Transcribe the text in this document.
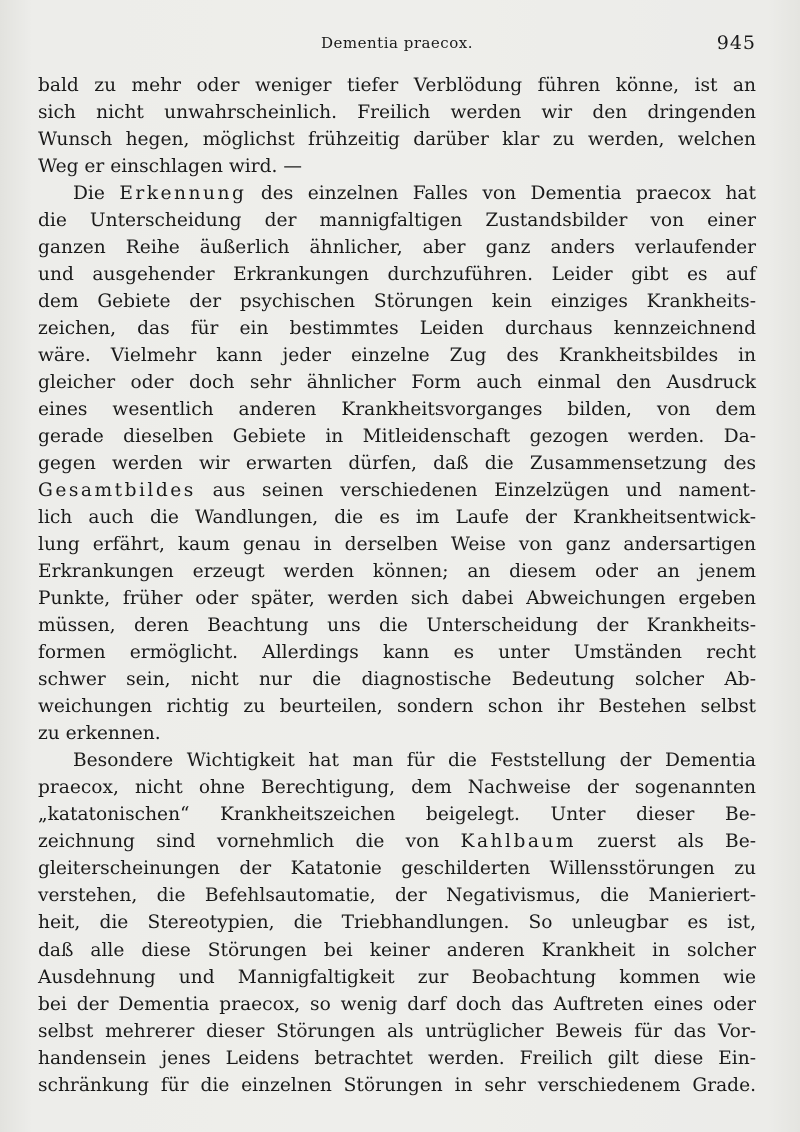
Dementia praecox.	945
bald zu mehr oder weniger tiefer Verblödung führen könne, ist an
sich nicht unwahrscheinlich. Freilich werden wir den dringenden
Wunsch hegen, möglichst frühzeitig darüber klar zu werden, welchen
Weg er einschlagen wird. —
Die Erkennung des einzelnen Falles von Dementia praecox hat
die Unterscheidung der mannigfaltigen Zustandsbilder von einer
ganzen Reihe äußerlich ähnlicher, aber ganz anders verlaufender
und ausgehender Erkrankungen durchzuführen. Leider gibt es auf
dem Gebiete der psychischen Störungen kein einziges Krankheits-
zeichen, das für ein bestimmtes Leiden durchaus kennzeichnend
wäre. Vielmehr kann jeder einzelne Zug des Krankheitsbildes in
gleicher oder doch sehr ähnlicher Form auch einmal den Ausdruck
eines wesentlich anderen Krankheitsvorganges bilden, von dem
gerade dieselben Gebiete in Mitleidenschaft gezogen werden. Da-
gegen werden wir erwarten dürfen, daß die Zusammensetzung des
Gesamtbildes aus seinen verschiedenen Einzelzügen und nament-
lich auch die Wandlungen, die es im Laufe der Krankheitsentwick-
lung erfährt, kaum genau in derselben Weise von ganz andersartigen
Erkrankungen erzeugt werden können; an diesem oder an jenem
Punkte, früher oder später, werden sich dabei Abweichungen ergeben
müssen, deren Beachtung uns die Unterscheidung der Krankheits-
formen ermöglicht. Allerdings kann es unter Umständen recht
schwer sein, nicht nur die diagnostische Bedeutung solcher Ab-
weichungen richtig zu beurteilen, sondern schon ihr Bestehen selbst
zu erkennen.
Besondere Wichtigkeit hat man für die Feststellung der Dementia
praecox, nicht ohne Berechtigung, dem Nachweise der sogenannten
„katatonischen“ Krankheitszeichen beigelegt. Unter dieser Be-
zeichnung sind vornehmlich die von Kahlbaum zuerst als Be-
gleiterscheinungen der Katatonie geschilderten Willensstörungen zu
verstehen, die Befehlsautomatie, der Negativismus, die Manieriert-
heit, die Stereotypien, die Triebhandlungen. So unleugbar es ist,
daß alle diese Störungen bei keiner anderen Krankheit in solcher
Ausdehnung und Mannigfaltigkeit zur Beobachtung kommen wie
bei der Dementia praecox, so wenig darf doch das Auftreten eines oder
selbst mehrerer dieser Störungen als untrüglicher Beweis für das Vor-
handensein jenes Leidens betrachtet werden. Freilich gilt diese Ein-
schränkung für die einzelnen Störungen in sehr verschiedenem Grade.
